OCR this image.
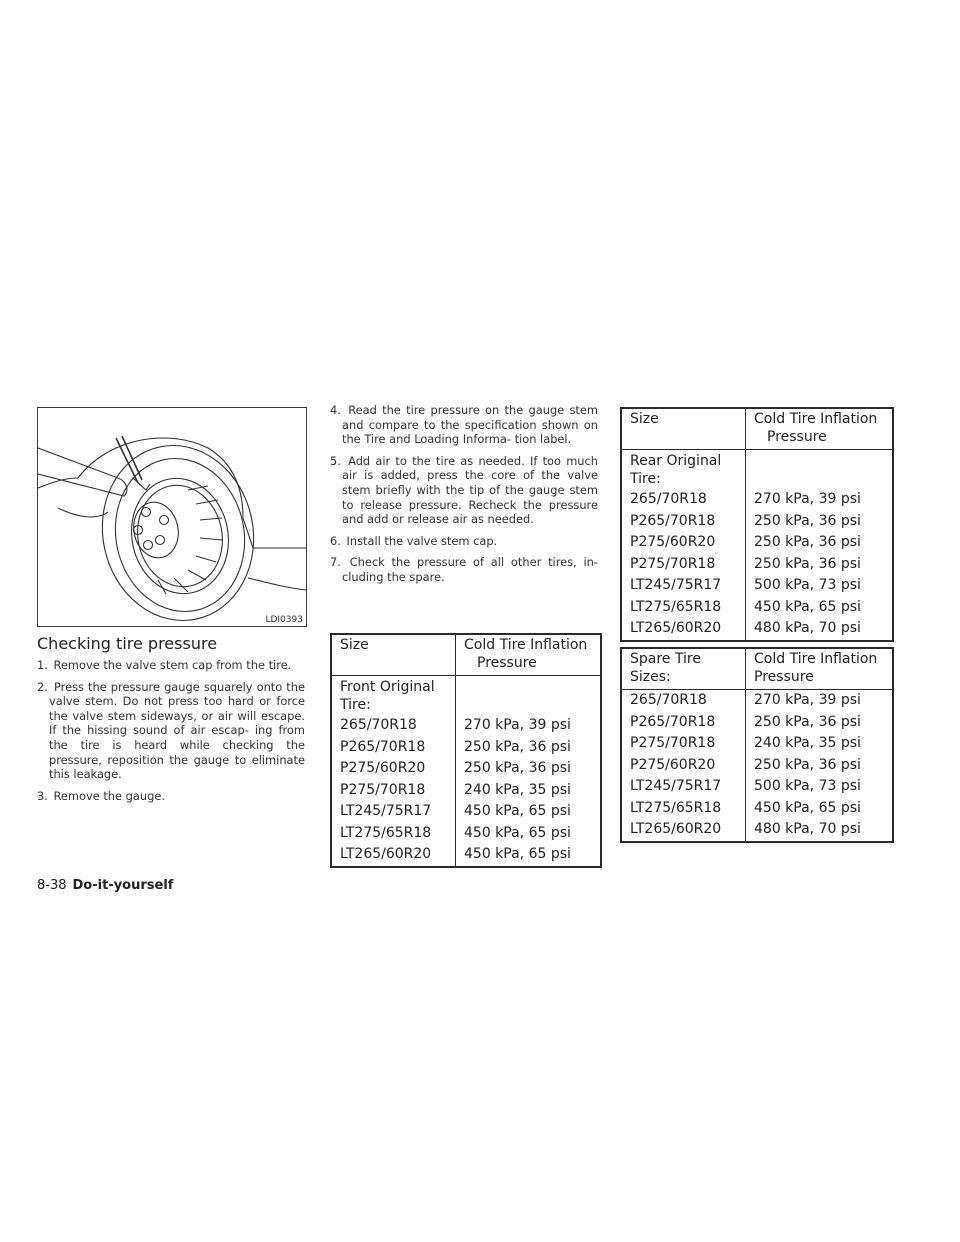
LDI0393
Checking tire pressure
1. Remove the valve stem cap from the tire.
2. Press the pressure gauge squarely onto the valve stem. Do not press too hard or force the valve stem sideways, or air will escape. If the hissing sound of air escap- ing from the tire is heard while checking the pressure, reposition the gauge to eliminate this leakage.
3. Remove the gauge.
4. Read the tire pressure on the gauge stem and compare to the specification shown on the Tire and Loading Informa- tion label.
5. Add air to the tire as needed. If too much air is added, press the core of the valve stem briefly with the tip of the gauge stem to release pressure. Recheck the pressure and add or release air as needed.
6. Install the valve stem cap.
7. Check the pressure of all other tires, in- cluding the spare.
Size	Cold Tire Inflation Pressure

Front Original Tire:	
265/70R18	270 kPa, 39 psi
P265/70R18	250 kPa, 36 psi
P275/60R20	250 kPa, 36 psi
P275/70R18	240 kPa, 35 psi
LT245/75R17	450 kPa, 65 psi
LT275/65R18	450 kPa, 65 psi
LT265/60R20	450 kPa, 65 psi
Size	Cold Tire Inflation Pressure

Rear Original Tire:	
265/70R18	270 kPa, 39 psi
P265/70R18	250 kPa, 36 psi
P275/60R20	250 kPa, 36 psi
P275/70R18	250 kPa, 36 psi
LT245/75R17	500 kPa, 73 psi
LT275/65R18	450 kPa, 65 psi
LT265/60R20	480 kPa, 70 psi
Spare Tire Sizes:	Cold Tire Inflation Pressure
265/70R18	270 kPa, 39 psi
P265/70R18	250 kPa, 36 psi
P275/70R18	240 kPa, 35 psi
P275/60R20	250 kPa, 36 psi
LT245/75R17	500 kPa, 73 psi
LT275/65R18	450 kPa, 65 psi
LT265/60R20	480 kPa, 70 psi
8-38 Do-it-yourself
